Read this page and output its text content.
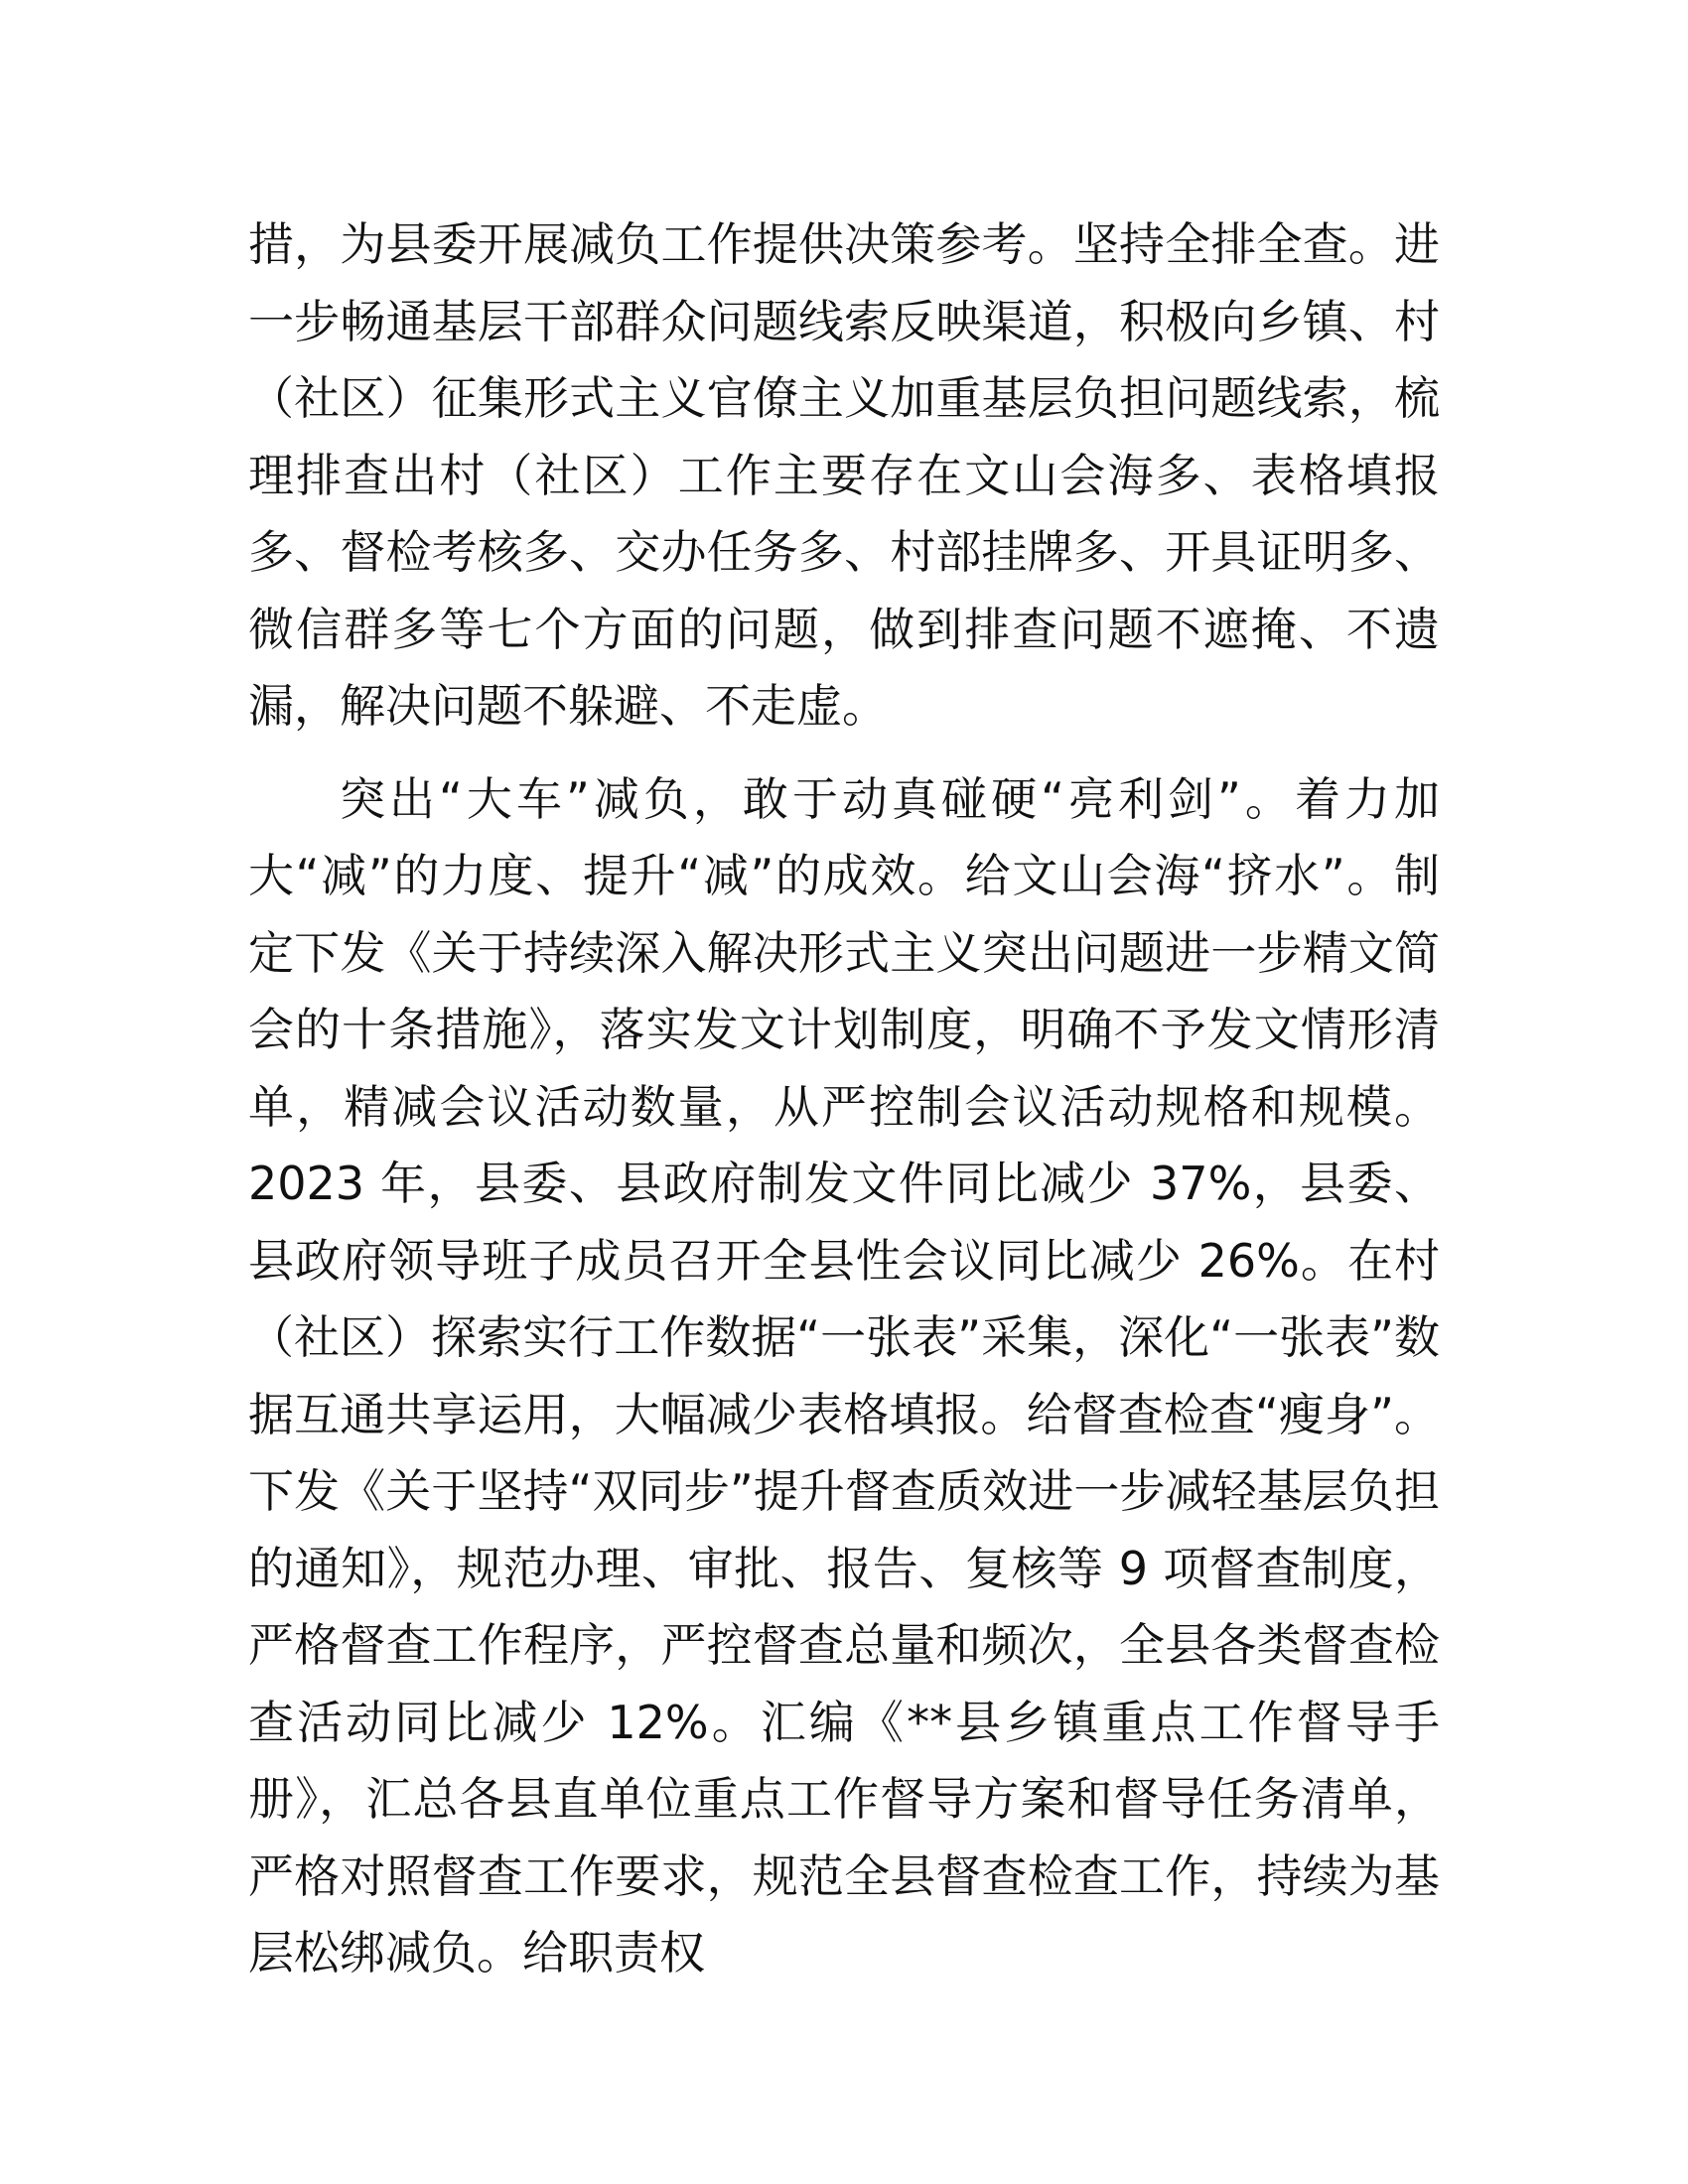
措，为县委开展减负工作提供决策参考。坚持全排全查。进一步畅通基层干部群众问题线索反映渠道，积极向乡镇、村（社区）征集形式主义官僚主义加重基层负担问题线索，梳理排查出村（社区）工作主要存在文山会海多、表格填报多、督检考核多、交办任务多、村部挂牌多、开具证明多、微信群多等七个方面的问题，做到排查问题不遮掩、不遗漏，解决问题不躲避、不走虚。

突出“大车”减负，敢于动真碰硬“亮利剑”。着力加大“减”的力度、提升“减”的成效。给文山会海“挤水”。制定下发《关于持续深入解决形式主义突出问题进一步精文简会的十条措施》，落实发文计划制度，明确不予发文情形清单，精减会议活动数量，从严控制会议活动规格和规模。2023 年，县委、县政府制发文件同比减少 37%，县委、县政府领导班子成员召开全县性会议同比减少 26%。在村（社区）探索实行工作数据“一张表”采集，深化“一张表”数据互通共享运用，大幅减少表格填报。给督查检查“瘦身”。下发《关于坚持“双同步”提升督查质效进一步减轻基层负担的通知》，规范办理、审批、报告、复核等 9 项督查制度，严格督查工作程序，严控督查总量和频次，全县各类督查检查活动同比减少 12%。汇编《**县乡镇重点工作督导手册》，汇总各县直单位重点工作督导方案和督导任务清单，严格对照督查工作要求，规范全县督查检查工作，持续为基层松绑减负。给职责权
